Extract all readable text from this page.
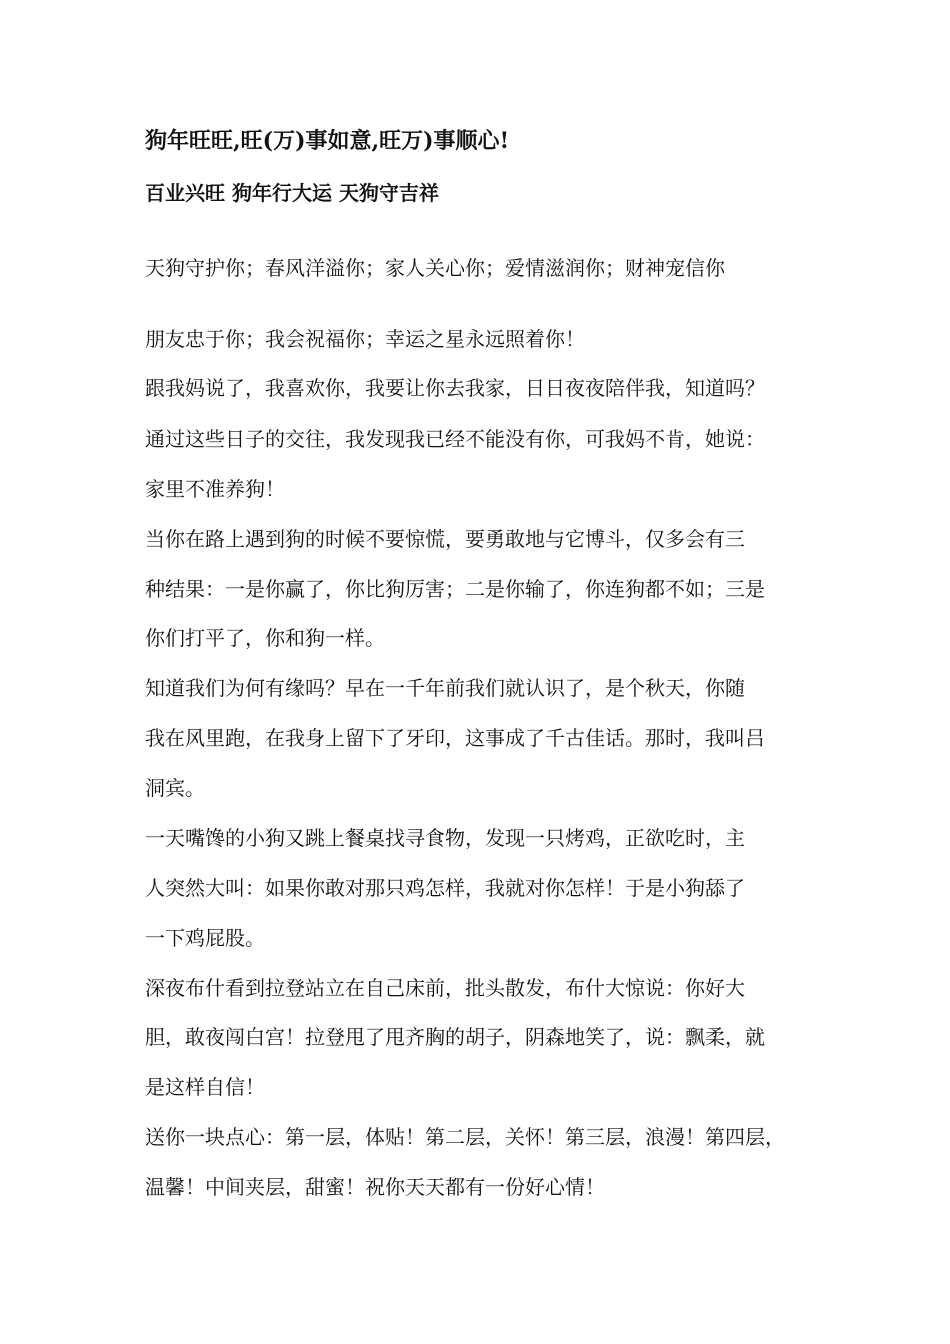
狗年旺旺,旺(万)事如意,旺万)事顺心!
百业兴旺 狗年行大运 天狗守吉祥
天狗守护你；春风洋溢你；家人关心你；爱情滋润你；财神宠信你
朋友忠于你；我会祝福你；幸运之星永远照着你！
跟我妈说了，我喜欢你，我要让你去我家，日日夜夜陪伴我，知道吗？
通过这些日子的交往，我发现我已经不能没有你，可我妈不肯，她说：
家里不准养狗！
当你在路上遇到狗的时候不要惊慌，要勇敢地与它博斗，仅多会有三
种结果：一是你赢了，你比狗厉害；二是你输了，你连狗都不如；三是
你们打平了，你和狗一样。
知道我们为何有缘吗？早在一千年前我们就认识了，是个秋天，你随
我在风里跑，在我身上留下了牙印，这事成了千古佳话。那时，我叫吕
洞宾。
一天嘴馋的小狗又跳上餐桌找寻食物，发现一只烤鸡，正欲吃时，主
人突然大叫：如果你敢对那只鸡怎样，我就对你怎样！于是小狗舔了
一下鸡屁股。
深夜布什看到拉登站立在自己床前，批头散发，布什大惊说：你好大
胆，敢夜闯白宫！拉登甩了甩齐胸的胡子，阴森地笑了，说：飘柔，就
是这样自信！
送你一块点心：第一层，体贴！第二层，关怀！第三层，浪漫！第四层，
温馨！中间夹层，甜蜜！祝你天天都有一份好心情！
